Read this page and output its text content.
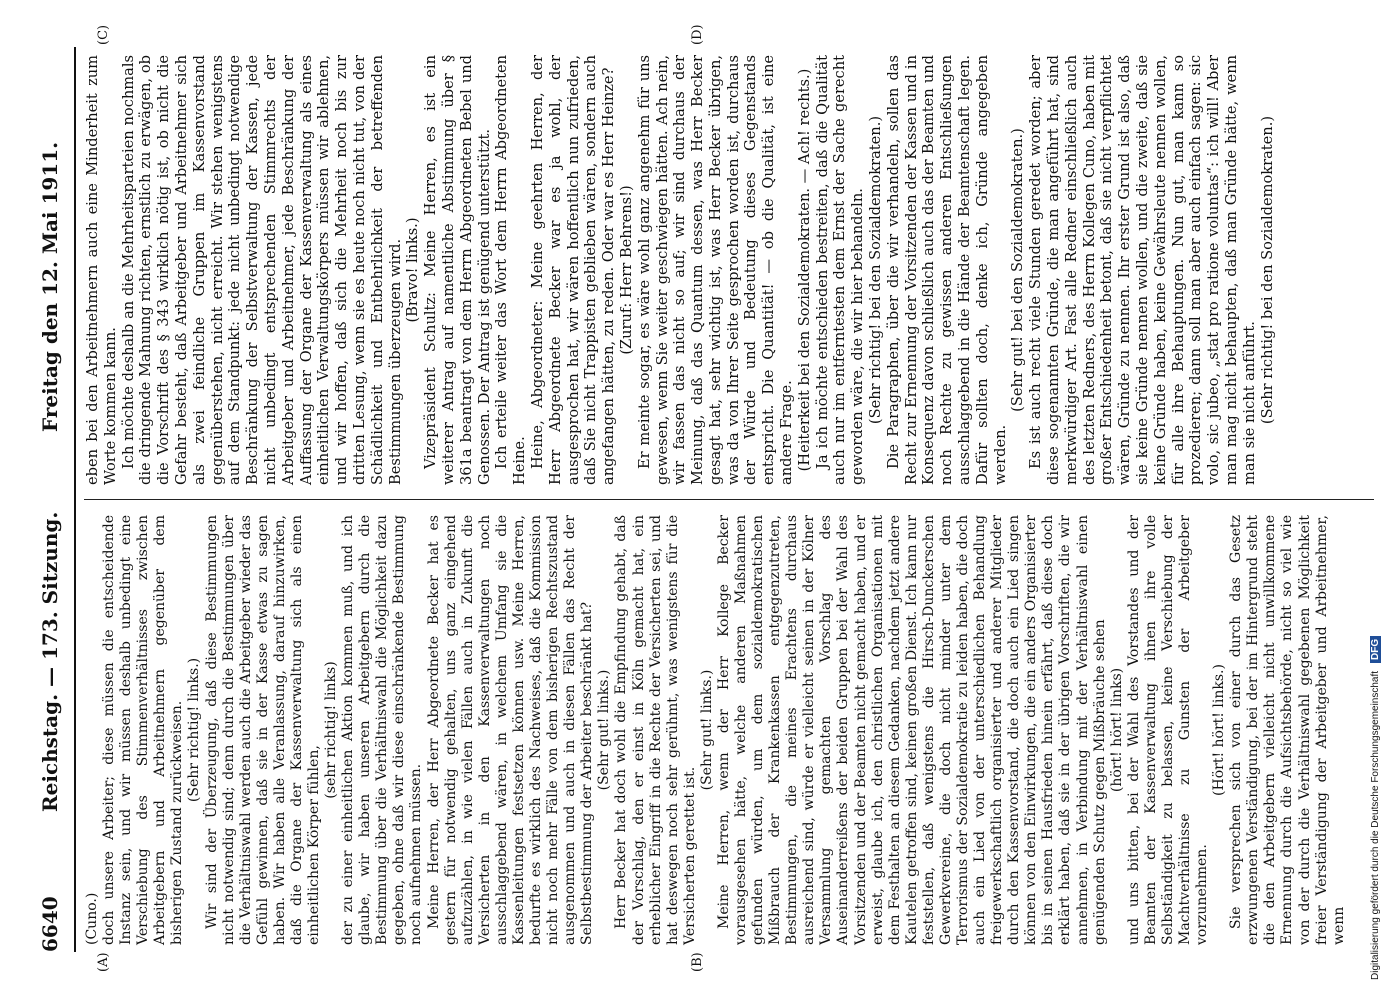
6640
Reichstag. — 173. Sitzung.
Freitag den 12. Mai 1911.
(A)	(B)
(C)	(D)

(Cuno.) doch unsere Arbeiter; diese müssen die entscheidende Instanz sein, und wir müssen deshalb unbedingt eine Verschiebung des Stimmenverhältnisses zwischen Arbeitgebern und Arbeitnehmern gegenüber dem bisherigen Zustand zurückweisen. (Sehr richtig! links.) Wir sind der Überzeugung, daß diese Bestimmungen nicht notwendig sind; denn durch die Bestimmungen über die Verhältniswahl werden auch die Arbeitgeber wieder das Gefühl gewinnen, daß sie in der Kasse etwas zu sagen haben. Wir haben alle Veranlassung, darauf hinzuwirken, daß die Organe der Kassenverwaltung sich als einen einheitlichen Körper fühlen,

(sehr richtig! links) der zu einer einheitlichen Aktion kommen muß, und ich glaube, wir haben unseren Arbeitgebern durch die Bestimmung über die Verhältniswahl die Möglichkeit dazu gegeben, ohne daß wir diese einschränkende Bestimmung noch aufnehmen müssen. Meine Herren, der Herr Abgeordnete Becker hat es gestern für notwendig gehalten, uns ganz eingehend aufzuzählen, in wie vielen Fällen auch in Zukunft die Versicherten in den Kassenverwaltungen noch ausschlaggebend wären, in welchem Umfang sie die Kassenleitungen festsetzen können usw. Meine Herren, bedurfte es wirklich des Nachweises, daß die Kommission nicht noch mehr Fälle von dem bisherigen Rechtszustand ausgenommen und auch in diesen Fällen das Recht der Selbstbestimmung der Arbeiter beschränkt hat? (Sehr gut! links.) Herr Becker hat doch wohl die Empfindung gehabt, daß der Vorschlag, den er einst in Köln gemacht hat, ein erheblicher Eingriff in die Rechte der Versicherten sei, und hat deswegen noch sehr gerühmt, was wenigstens für die Versicherten gerettet ist.

(Sehr gut! links.) Meine Herren, wenn der Herr Kollege Becker vorausgesehen hätte, welche anderen Maßnahmen gefunden würden, um dem sozialdemokratischen Mißbrauch der Krankenkassen entgegenzutreten, Bestimmungen, die meines Erachtens durchaus ausreichend sind, würde er vielleicht seinen in der Kölner Versammlung gemachten Vorschlag des Auseinanderreißens der beiden Gruppen bei der Wahl des Vorsitzenden und der Beamten nicht gemacht haben, und er erweist, glaube ich, den christlichen Organisationen mit dem Festhalten an diesem Gedanken, nachdem jetzt andere Kautelen getroffen sind, keinen großen Dienst. Ich kann nur feststellen, daß wenigstens die Hirsch-Dunckerschen Gewerkvereine, die doch nicht minder unter dem Terrorismus der Sozialdemokratie zu leiden haben, die doch auch ein Lied von der unterschiedlichen Behandlung freigewerkschaftlich organisierter und anderer Mitglieder durch den Kassenvorstand, die doch auch ein Lied singen können von den Einwirkungen, die ein anders Organisierter bis in seinen Hausfrieden hinein erfährt, daß diese doch erklärt haben, daß sie in der übrigen Vorschriften, die wir annehmen, in Verbindung mit der Verhältniswahl einen genügenden Schutz gegen Mißbräuche sehen (hört! hört! links) und uns bitten, bei der Wahl des Vorstandes und der Beamten der Kassenverwaltung ihnen ihre volle Selbständigkeit zu belassen, keine Verschiebung der Machtverhältnisse zu Gunsten der Arbeitgeber vorzunehmen.

(Hört! hört! links.) Sie versprechen sich von einer durch das Gesetz erzwungenen Verständigung, bei der im Hintergrund steht die den Arbeitgebern vielleicht nicht unwillkommene Ernennung durch die Aufsichtsbehörde, nicht so viel wie von der durch die Verhältniswahl gegebenen Möglichkeit freier Verständigung der Arbeitgeber und Arbeitnehmer, wenn

eben bei den Arbeitnehmern auch eine Minderheit zum Worte kommen kann. Ich möchte deshalb an die Mehrheitsparteien nochmals die dringende Mahnung richten, ernstlich zu erwägen, ob die Vorschrift des § 343 wirklich nötig ist, ob nicht die Gefahr besteht, daß Arbeitgeber und Arbeitnehmer sich als zwei feindliche Gruppen im Kassenvorstand gegenüberstehen, nicht erreicht. Wir stehen wenigstens auf dem Standpunkt: jede nicht unbedingt notwendige Beschränkung der Selbstverwaltung der Kassen, jede nicht unbedingt entsprechenden Stimmrechts der Arbeitgeber und Arbeitnehmer, jede Beschränkung der Auffassung der Organe der Kassenverwaltung als eines einheitlichen Verwaltungskörpers müssen wir ablehnen, und wir hoffen, daß sich die Mehrheit noch bis zur dritten Lesung, wenn sie es heute noch nicht tut, von der Schädlichkeit und Entbehrlichkeit der betreffenden Bestimmungen überzeugen wird. (Bravo! links.) Vizepräsident Schultz: Meine Herren, es ist ein weiterer Antrag auf namentliche Abstimmung über § 361a beantragt von dem Herrn Abgeordneten Bebel und Genossen. Der Antrag ist genügend unterstützt. Ich erteile weiter das Wort dem Herrn Abgeordneten Heine. Heine, Abgeordneter: Meine geehrten Herren, der Herr Abgeordnete Becker war es ja wohl, der ausgesprochen hat, wir wären hoffentlich nun zufrieden, daß Sie nicht Trappisten geblieben wären, sondern auch angefangen hätten, zu reden. Oder war es Herr Heinze? (Zuruf: Herr Behrens!) Er meinte sogar, es wäre wohl ganz angenehm für uns gewesen, wenn Sie weiter geschwiegen hätten. Ach nein, wir fassen das nicht so auf; wir sind durchaus der Meinung, daß das Quantum dessen, was Herr Becker gesagt hat, sehr wichtig ist, was Herr Becker übrigen, was da von Ihrer Seite gesprochen worden ist, durchaus der Würde und Bedeutung dieses Gegenstands entspricht. Die Quantität! — ob die Qualität, ist eine andere Frage. (Heiterkeit bei den Sozialdemokraten. — Ach! rechts.) Ja ich möchte entschieden bestreiten, daß die Qualität auch nur im entferntesten dem Ernst der Sache gerecht geworden wäre, die wir hier behandeln. (Sehr richtig! bei den Sozialdemokraten.) Die Paragraphen, über die wir verhandeln, sollen das Recht zur Ernennung der Vorsitzenden der Kassen und in Konsequenz davon schließlich auch das der Beamten und noch Rechte zu gewissen anderen Entschließungen ausschlaggebend in die Hände der Beamtenschaft legen. Dafür sollten doch, denke ich, Gründe angegeben werden.

(Sehr gut! bei den Sozialdemokraten.) Es ist auch recht viele Stunden geredet worden; aber diese sogenannten Gründe, die man angeführt hat, sind merkwürdiger Art. Fast alle Redner einschließlich auch des letzten Redners, des Herrn Kollegen Cuno, haben mit großer Entschiedenheit betont, daß sie nicht verpflichtet wären, Gründe zu nennen. Ihr erster Grund ist also, daß sie keine Gründe nennen wollen, und die zweite, daß sie keine Gründe haben, keine Gewährsleute nennen wollen, für alle ihre Behauptungen. Nun gut, man kann so prozedieren; dann soll man aber auch einfach sagen: sic volo, sic jubeo, „stat pro ratione voluntas“: ich will! Aber man mag nicht behaupten, daß man Gründe hätte, wenn man sie nicht anführt. (Sehr richtig! bei den Sozialdemokraten.)

Digitalisierung gefördert durch die Deutsche ForschungsgemeinschaftDFG
